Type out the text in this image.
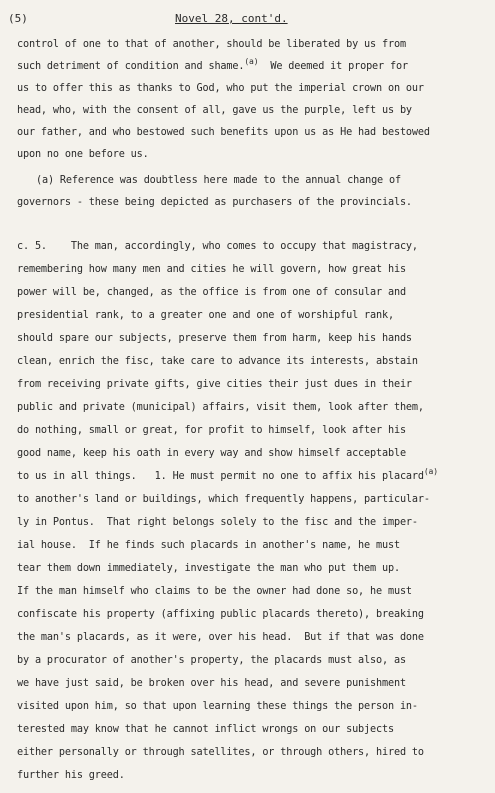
(5)	Novel 28, cont'd.
control of one to that of another, should be liberated by us from
such detriment of condition and shame.$^{(a)}$  We deemed it proper for
us to offer this as thanks to God, who put the imperial crown on our
head, who, with the consent of all, gave us the purple, left us by
our father, and who bestowed such benefits upon us as He had bestowed
upon no one before us.
(a) Reference was doubtless here made to the annual change of
governors - these being depicted as purchasers of the provincials.
c. 5.    The man, accordingly, who comes to occupy that magistracy,
remembering how many men and cities he will govern, how great his
power will be, changed, as the office is from one of consular and
presidential rank, to a greater one and one of worshipful rank,
should spare our subjects, preserve them from harm, keep his hands
clean, enrich the fisc, take care to advance its interests, abstain
from receiving private gifts, give cities their just dues in their
public and private (municipal) affairs, visit them, look after them,
do nothing, small or great, for profit to himself, look after his
good name, keep his oath in every way and show himself acceptable
to us in all things.   1. He must permit no one to affix his placard$^{(a)}$
to another's land or buildings, which frequently happens, particular-
ly in Pontus.  That right belongs solely to the fisc and the imper-
ial house.  If he finds such placards in another's name, he must
tear them down immediately, investigate the man who put them up.
If the man himself who claims to be the owner had done so, he must
confiscate his property (affixing public placards thereto), breaking
the man's placards, as it were, over his head.  But if that was done
by a procurator of another's property, the placards must also, as
we have just said, be broken over his head, and severe punishment
visited upon him, so that upon learning these things the person in-
terested may know that he cannot inflict wrongs on our subjects
either personally or through satellites, or through others, hired to
further his greed.
